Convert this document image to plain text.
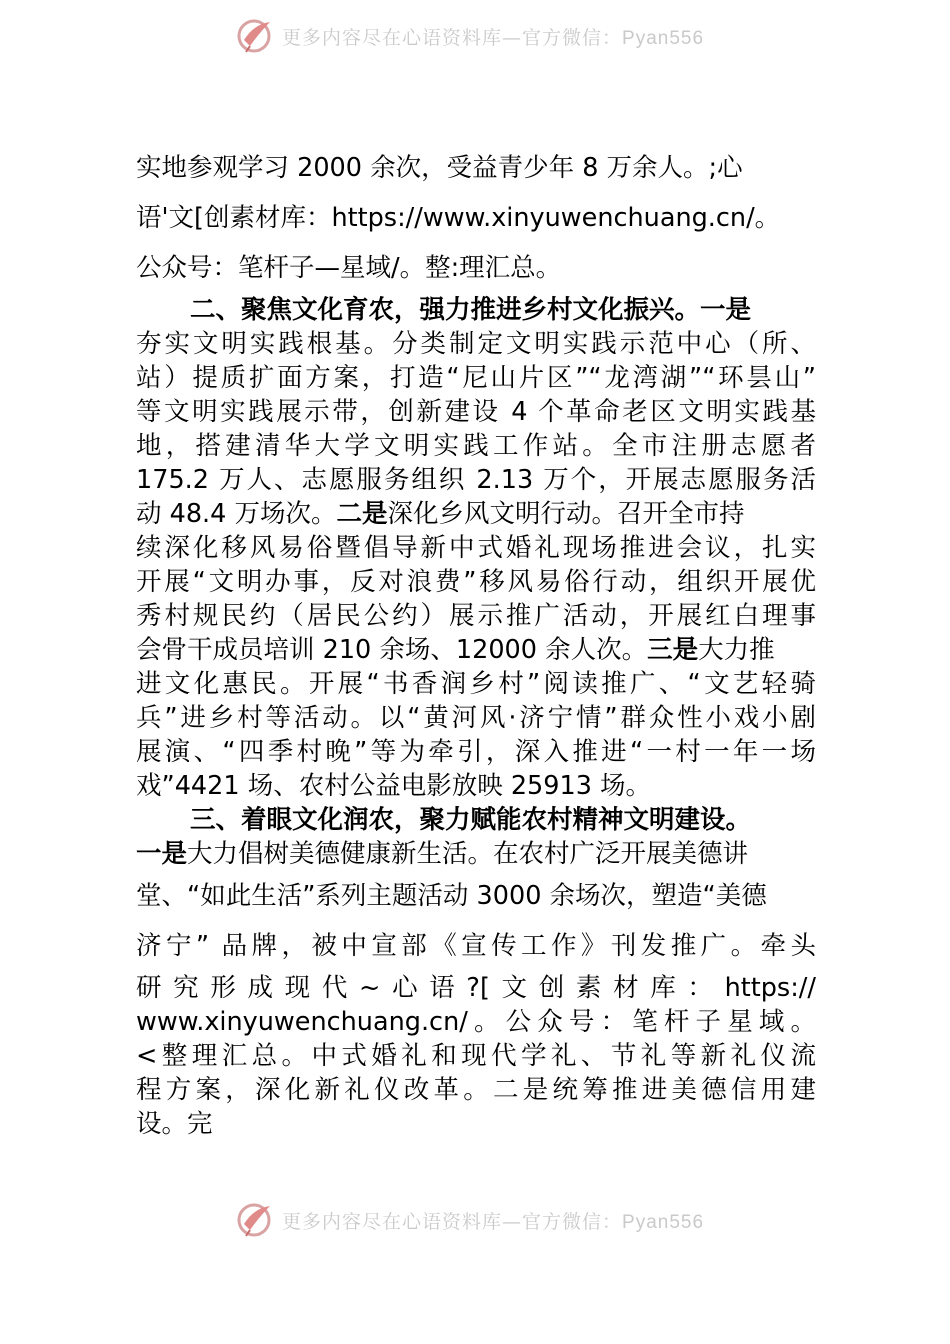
更多内容尽在心语资料库—官方微信：Pyan556
实地参观学习 2000 余次，受益青少年 8 万余人。;心
语'文[创素材库：https://www.xinyuwenchuang.cn/。
公众号：笔杆子—星域/。整:理汇总。
二、聚焦文化育农，强力推进乡村文化振兴。一是
夯实文明实践根基。分类制定文明实践示范中心（所、
站）提质扩面方案，打造“尼山片区”“龙湾湖”“环昙山”
等文明实践展示带，创新建设 4 个革命老区文明实践基
地，搭建清华大学文明实践工作站。全市注册志愿者
175.2 万人、志愿服务组织 2.13 万个，开展志愿服务活
动 48.4 万场次。二是深化乡风文明行动。召开全市持
续深化移风易俗暨倡导新中式婚礼现场推进会议，扎实
开展“文明办事，反对浪费”移风易俗行动，组织开展优
秀村规民约（居民公约）展示推广活动，开展红白理事
会骨干成员培训 210 余场、12000 余人次。三是大力推
进文化惠民。开展“书香润乡村”阅读推广、“文艺轻骑
兵”进乡村等活动。以“黄河风·济宁情”群众性小戏小剧
展演、“四季村晚”等为牵引，深入推进“一村一年一场
戏”4421 场、农村公益电影放映 25913 场。
三、着眼文化润农，聚力赋能农村精神文明建设。
一是大力倡树美德健康新生活。在农村广泛开展美德讲
堂、“如此生活”系列主题活动 3000 余场次，塑造“美德
济宁” 品牌，被中宣部《宣传工作》刊发推广。牵头
研究形成现代~心语?[文创素材库：https://
www.xinyuwenchuang.cn/。公众号：笔杆子星域。
<整理汇总。中式婚礼和现代学礼、节礼等新礼仪流
程方案，深化新礼仪改革。二是统筹推进美德信用建
设。完
更多内容尽在心语资料库—官方微信：Pyan556
